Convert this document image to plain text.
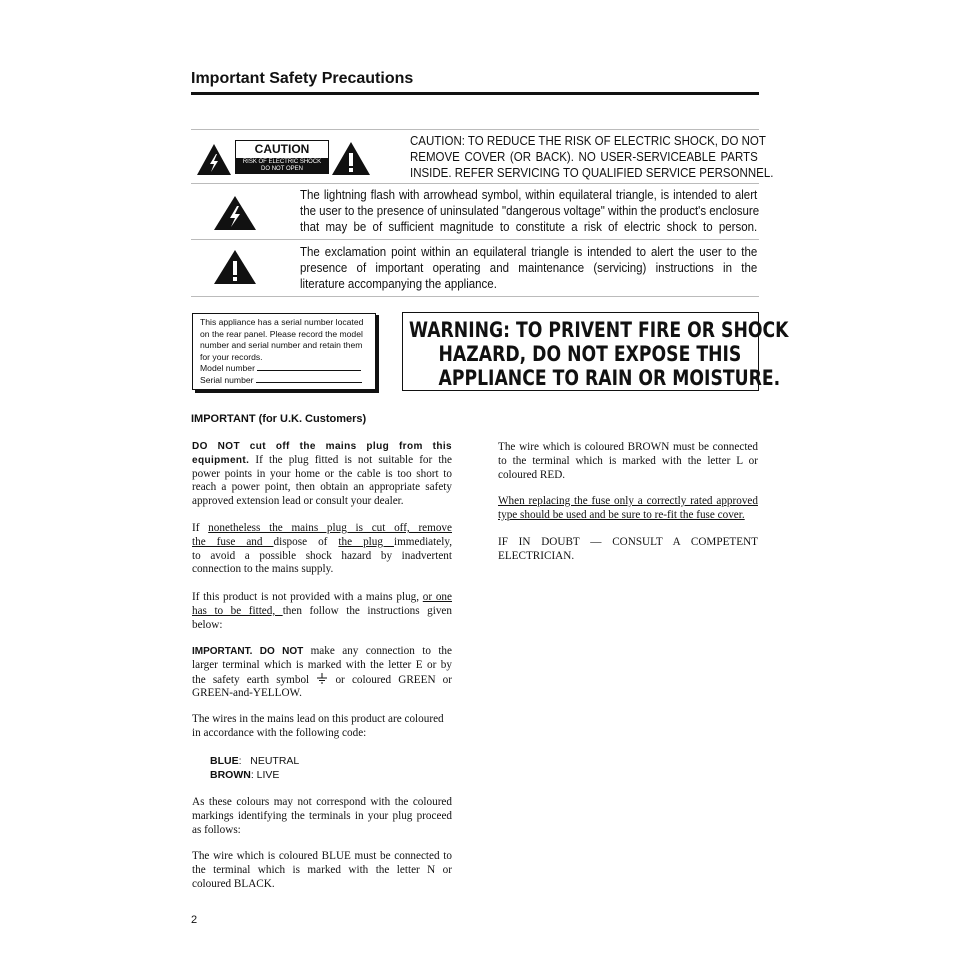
Important Safety Precautions
CAUTION
RISK OF ELECTRIC SHOCK
DO NOT OPEN
CAUTION: TO REDUCE THE RISK OF ELECTRIC SHOCK, DO NOT
REMOVE COVER (OR BACK). NO USER-SERVICEABLE PARTS
INSIDE. REFER SERVICING TO QUALIFIED SERVICE PERSONNEL.
The lightning flash with arrowhead symbol, within equilateral triangle, is intended to alert
the user to the presence of uninsulated "dangerous voltage" within the product's enclosure
that may be of sufficient magnitude to constitute a risk of electric shock to person.
The exclamation point within an equilateral triangle is intended to alert the user to the
presence of important operating and maintenance (servicing) instructions in the
literature accompanying the appliance.
This appliance has a serial number located
on the rear panel. Please record the model
number and serial number and retain them
for your records.
Model number
Serial number
WARNING: TO PRIVENT FIRE OR SHOCK
HAZARD, DO NOT EXPOSE THIS
APPLIANCE TO RAIN OR MOISTURE.
IMPORTANT (for U.K. Customers)
DO NOT cut off the mains plug from this
equipment. If the plug fitted is not suitable for the
power points in your home or the cable is too short to
reach a power point, then obtain an appropriate safety
approved extension lead or consult your dealer.
If nonetheless the mains plug is cut off, remove
the fuse and dispose of the plug immediately,
to avoid a possible shock hazard by inadvertent
connection to the mains supply.
If this product is not provided with a mains plug, or one
has to be fitted, then follow the instructions given
below:
IMPORTANT. DO NOT make any connection to the
larger terminal which is marked with the letter E or by
the safety earth symbol  or coloured GREEN or
GREEN-and-YELLOW.
The wires in the mains lead on this product are coloured
in accordance with the following code:
BLUE:   NEUTRAL
BROWN: LIVE
As these colours may not correspond with the coloured
markings identifying the terminals in your plug proceed
as follows:
The wire which is coloured BLUE must be connected to
the terminal which is marked with the letter N or
coloured BLACK.
The wire which is coloured BROWN must be connected
to the terminal which is marked with the letter L or
coloured RED.
When replacing the fuse only a correctly rated approved
type should be used and be sure to re-fit the fuse cover.
IF IN DOUBT — CONSULT A COMPETENT
ELECTRICIAN.
2
